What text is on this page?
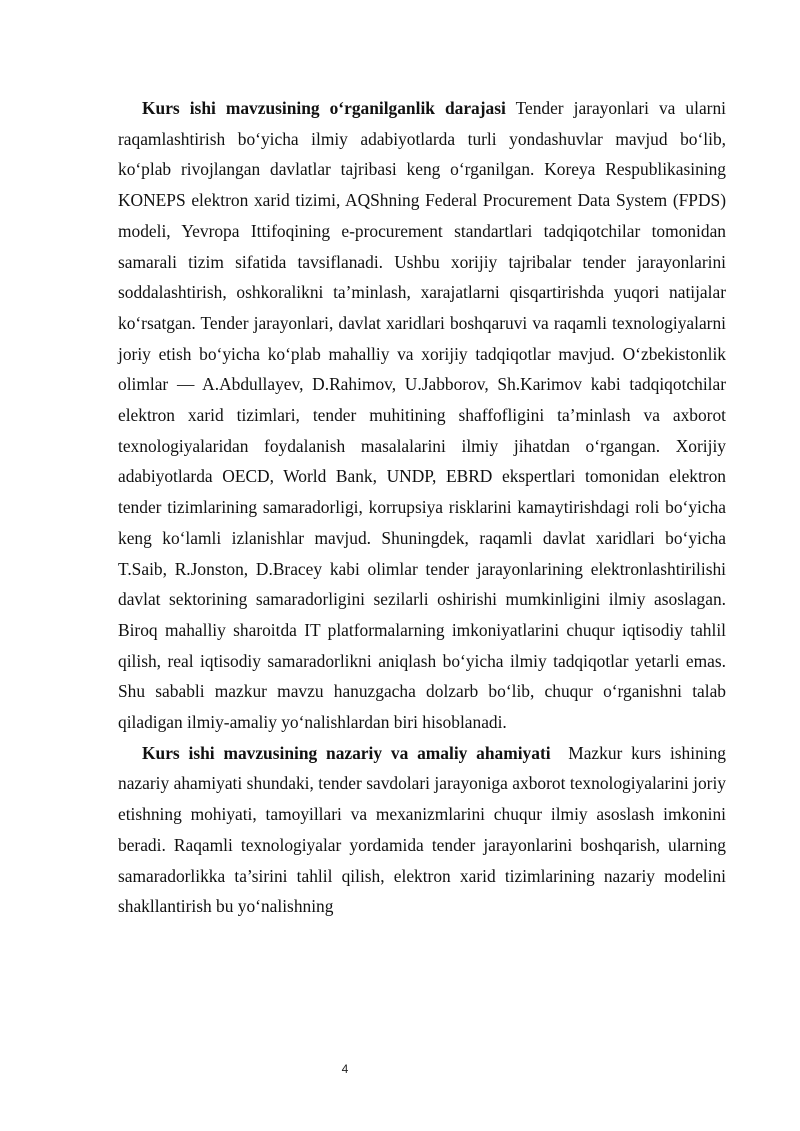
Kurs ishi mavzusining o‘rganilganlik darajasi Tender jarayonlari va ularni raqamlashtirish bo‘yicha ilmiy adabiyotlarda turli yondashuvlar mavjud bo‘lib, ko‘plab rivojlangan davlatlar tajribasi keng o‘rganilgan. Koreya Respublikasining KONEPS elektron xarid tizimi, AQShning Federal Procurement Data System (FPDS) modeli, Yevropa Ittifoqining e-procurement standartlari tadqiqotchilar tomonidan samarali tizim sifatida tavsiflanadi. Ushbu xorijiy tajribalar tender jarayonlarini soddalashtirish, oshkoralikni ta’minlash, xarajatlarni qisqartirishda yuqori natijalar ko‘rsatgan. Tender jarayonlari, davlat xaridlari boshqaruvi va raqamli texnologiyalarni joriy etish bo‘yicha ko‘plab mahalliy va xorijiy tadqiqotlar mavjud. O‘zbekistonlik olimlar — A.Abdullayev, D.Rahimov, U.Jabborov, Sh.Karimov kabi tadqiqotchilar elektron xarid tizimlari, tender muhitining shaffofligini ta’minlash va axborot texnologiyalaridan foydalanish masalalarini ilmiy jihatdan o‘rgangan. Xorijiy adabiyotlarda OECD, World Bank, UNDP, EBRD ekspertlari tomonidan elektron tender tizimlarining samaradorligi, korrupsiya risklarini kamaytirishdagi roli bo‘yicha keng ko‘lamli izlanishlar mavjud. Shuningdek, raqamli davlat xaridlari bo‘yicha T.Saib, R.Jonston, D.Bracey kabi olimlar tender jarayonlarining elektronlashtirilishi davlat sektorining samaradorligini sezilarli oshirishi mumkinligini ilmiy asoslagan. Biroq mahalliy sharoitda IT platformalarning imkoniyatlarini chuqur iqtisodiy tahlil qilish, real iqtisodiy samaradorlikni aniqlash bo‘yicha ilmiy tadqiqotlar yetarli emas. Shu sababli mazkur mavzu hanuzgacha dolzarb bo‘lib, chuqur o‘rganishni talab qiladigan ilmiy-amaliy yo‘nalishlardan biri hisoblanadi.

Kurs ishi mavzusining nazariy va amaliy ahamiyati Mazkur kurs ishining nazariy ahamiyati shundaki, tender savdolari jarayoniga axborot texnologiyalarini joriy etishning mohiyati, tamoyillari va mexanizmlarini chuqur ilmiy asoslash imkonini beradi. Raqamli texnologiyalar yordamida tender jarayonlarini boshqarish, ularning samaradorlikka ta’sirini tahlil qilish, elektron xarid tizimlarining nazariy modelini shakllantirish bu yo‘nalishning

4
